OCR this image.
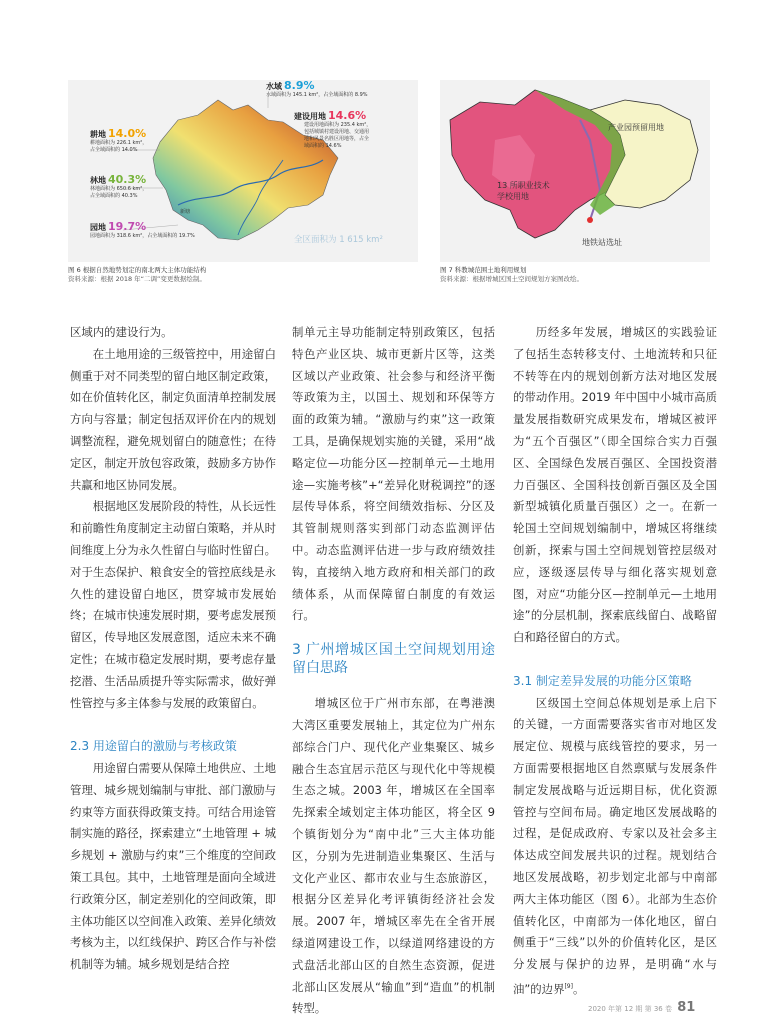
新塘
水域 8.9%
水域面积为 145.1 km²，占全域面积的 8.9%
建设用地 14.6%
建设用地面积为 235.4 km²，
包括城镇村建设用地、交通用
地和风景名胜区用地等，占全
域面积的 14.6%
耕地 14.0%
耕地面积为 226.1 km²，
占全域面积的 14.0%
林地 40.3%
林地面积为 650.6 km²，
占全域面积的 40.3%
园地 19.7%
园地面积为 318.6 km²，占全域面积的 19.7%	全区面积为 1 615 km²
产业园预留用地
13 所职业技术
学校用地
地铁站选址
图 6 根据自然地势划定的南北两大主体功能结构
资料来源：根据 2018 年“二调”变更数据绘制。
图 7 科教城范围土地利用规划
资料来源：根据增城区国土空间规划方案图改绘。

区域内的建设行为。

在土地用途的三级管控中，用途留白侧重于对不同类型的留白地区制定政策，如在价值转化区，制定负面清单控制发展方向与容量；制定包括双评价在内的规划调整流程，避免规划留白的随意性；在待定区，制定开放包容政策，鼓励多方协作共赢和地区协同发展。

根据地区发展阶段的特性，从长远性和前瞻性角度制定主动留白策略，并从时间维度上分为永久性留白与临时性留白。对于生态保护、粮食安全的管控底线是永久性的建设留白地区，贯穿城市发展始终；在城市快速发展时期，要考虑发展预留区，传导地区发展意图，适应未来不确定性；在城市稳定发展时期，要考虑存量挖潜、生活品质提升等实际需求，做好弹性管控与多主体参与发展的政策留白。

2.3 用途留白的激励与考核政策

用途留白需要从保障土地供应、土地管理、城乡规划编制与审批、部门激励与约束等方面获得政策支持。可结合用途管制实施的路径，探索建立“土地管理 + 城乡规划 + 激励与约束”三个维度的空间政策工具包。其中，土地管理是面向全域进行政策分区，制定差别化的空间政策，即主体功能区以空间准入政策、差异化绩效考核为主，以红线保护、跨区合作与补偿机制等为辅。城乡规划是结合控

制单元主导功能制定特别政策区，包括特色产业区块、城市更新片区等，这类区域以产业政策、社会参与和经济平衡等政策为主，以国土、规划和环保等方面的政策为辅。“激励与约束”这一政策工具，是确保规划实施的关键，采用“战略定位—功能分区—控制单元—土地用途—实施考核”+“差异化财税调控”的逐层传导体系，将空间绩效指标、分区及其管制规则落实到部门动态监测评估中。动态监测评估进一步与政府绩效挂钩，直接纳入地方政府和相关部门的政绩体系，从而保障留白制度的有效运行。

3 广州增城区国土空间规划用途留白思路

增城区位于广州市东部，在粤港澳大湾区重要发展轴上，其定位为广州东部综合门户、现代化产业集聚区、城乡融合生态宜居示范区与现代化中等规模生态之城。2003 年，增城区在全国率先探索全域划定主体功能区，将全区 9 个镇街划分为“南中北”三大主体功能区，分别为先进制造业集聚区、生活与文化产业区、都市农业与生态旅游区，根据分区差异化考评镇街经济社会发展。2007 年，增城区率先在全省开展绿道网建设工作，以绿道网络建设的方式盘活北部山区的自然生态资源，促进北部山区发展从“输血”到“造血”的机制转型。

历经多年发展，增城区的实践验证了包括生态转移支付、土地流转和只征不转等在内的规划创新方法对地区发展的带动作用。2019 年中国中小城市高质量发展指数研究成果发布，增城区被评为“五个百强区”（即全国综合实力百强区、全国绿色发展百强区、全国投资潜力百强区、全国科技创新百强区及全国新型城镇化质量百强区）之一。在新一轮国土空间规划编制中，增城区将继续创新，探索与国土空间规划管控层级对应，逐级逐层传导与细化落实规划意图，对应“功能分区—控制单元—土地用途”的分层机制，探索底线留白、战略留白和路径留白的方式。

3.1 制定差异发展的功能分区策略

区级国土空间总体规划是承上启下的关键，一方面需要落实省市对地区发展定位、规模与底线管控的要求，另一方面需要根据地区自然禀赋与发展条件制定发展战略与近远期目标，优化资源管控与空间布局。确定地区发展战略的过程，是促成政府、专家以及社会多主体达成空间发展共识的过程。规划结合地区发展战略，初步划定北部与中南部两大主体功能区（图 6）。北部为生态价值转化区，中南部为一体化地区，留白侧重于“三线”以外的价值转化区，是区分发展与保护的边界，是明确“水与油”的边界[9]。

2020 年第 12 期 第 36 卷 81
